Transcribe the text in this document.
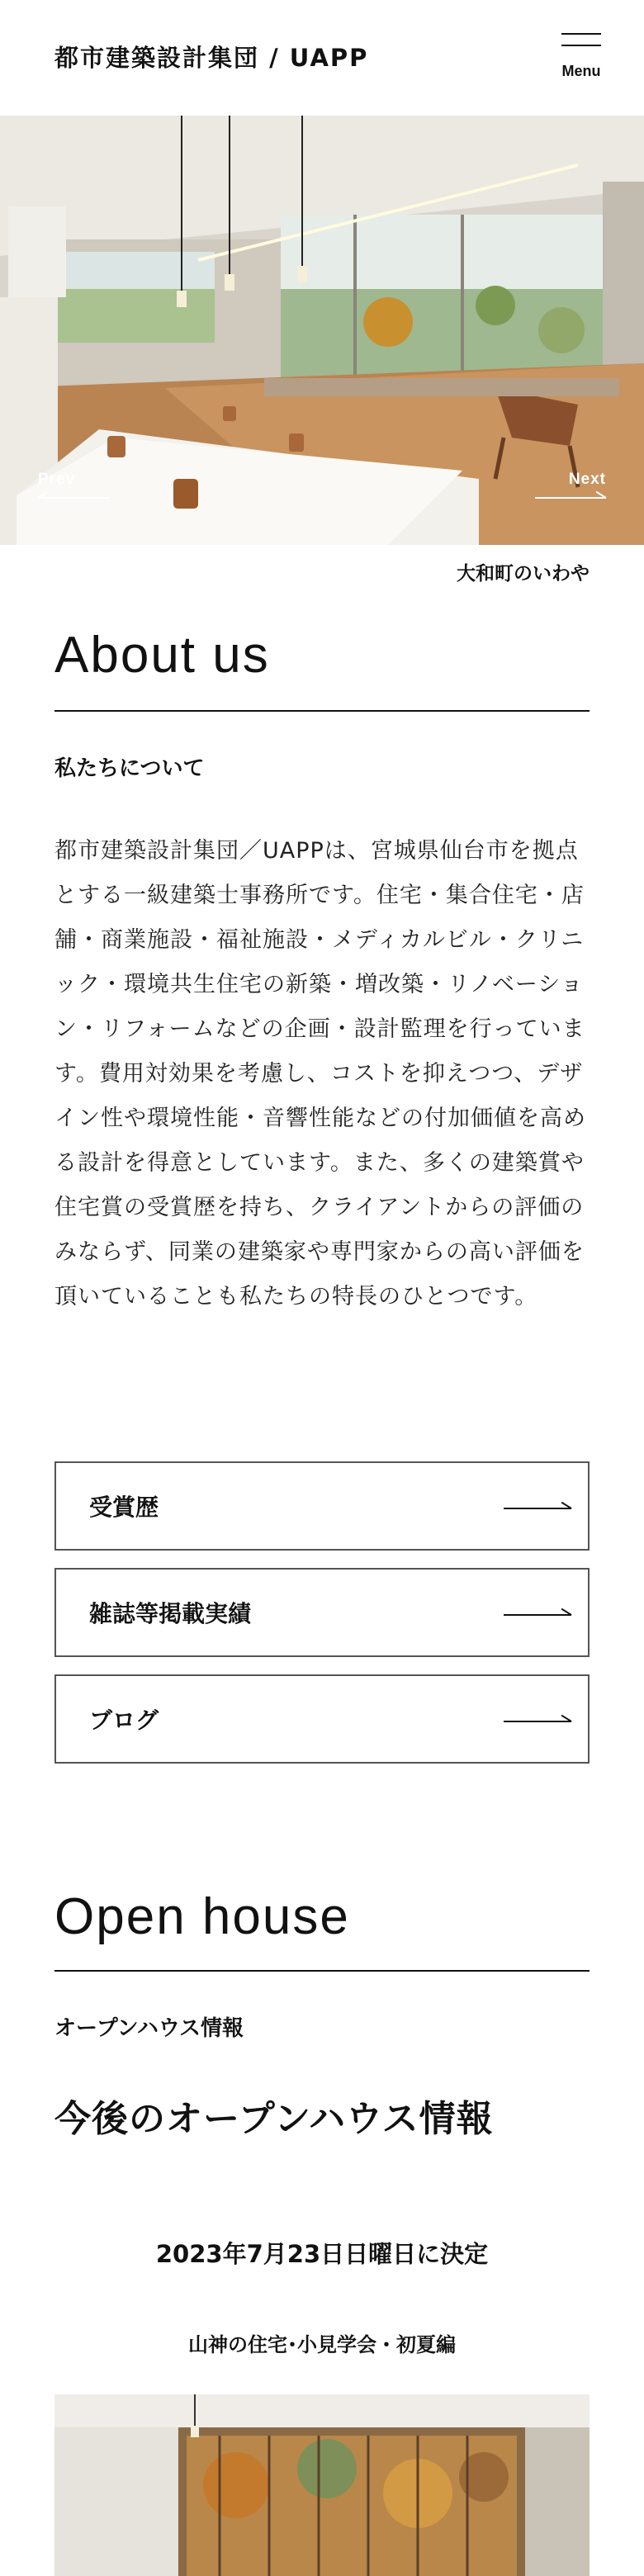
都市建築設計集団 / UAPP	Menu
Prev	Next
大和町のいわや
About us
私たちについて
都市建築設計集団／UAPPは、宮城県仙台市を拠点とする一級建築士事務所です。住宅・集合住宅・店舗・商業施設・福祉施設・メディカルビル・クリニック・環境共生住宅の新築・増改築・リノベーション・リフォームなどの企画・設計監理を行っています。費用対効果を考慮し、コストを抑えつつ、デザイン性や環境性能・音響性能などの付加価値を高める設計を得意としています。また、多くの建築賞や住宅賞の受賞歴を持ち、クライアントからの評価のみならず、同業の建築家や専門家からの高い評価を頂いていることも私たちの特長のひとつです。
受賞歴
雑誌等掲載実績
ブログ
Open house
オープンハウス情報
今後のオープンハウス情報
2023年7月23日日曜日に決定
山神の住宅･小見学会・初夏編
